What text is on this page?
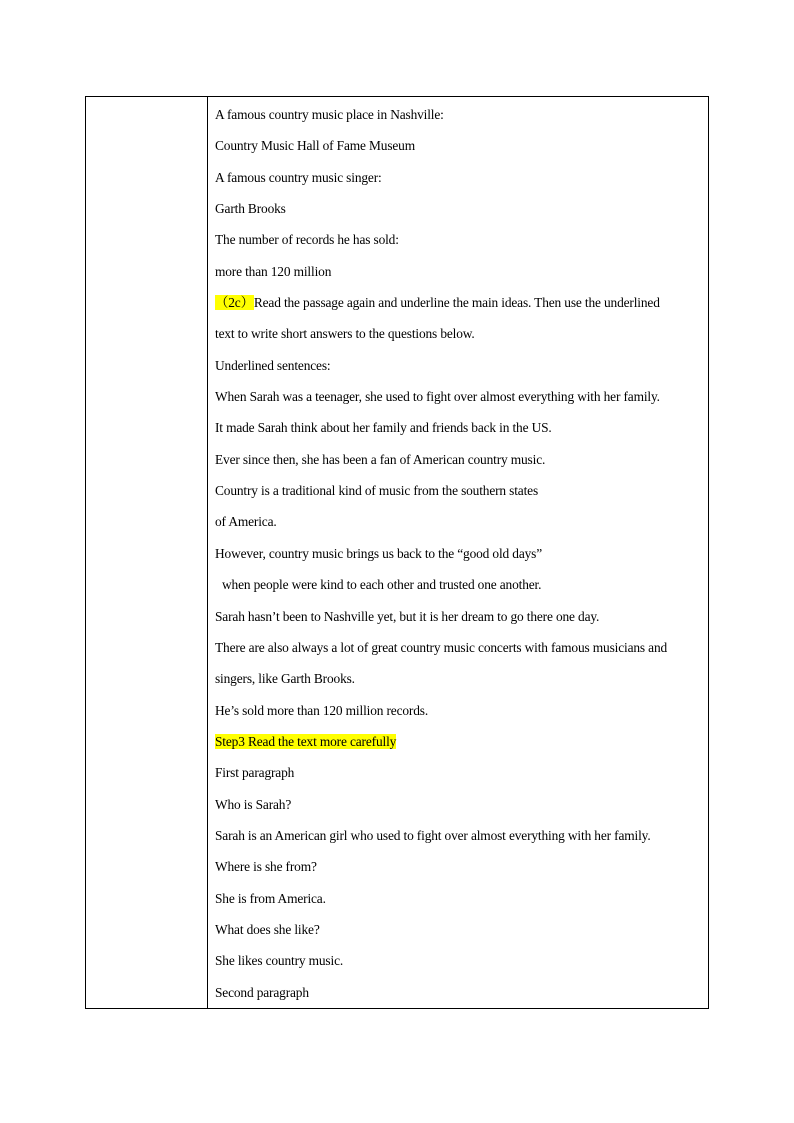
A famous country music place in Nashville:
Country Music Hall of Fame Museum
A famous country music singer:
Garth Brooks
The number of records he has sold:
more than 120 million
（2c）Read the passage again and underline the main ideas. Then use the underlined
text to write short answers to the questions below.
Underlined sentences:
When Sarah was a teenager, she used to fight over almost everything with her family.
It made Sarah think about her family and friends back in the US.
Ever since then, she has been a fan of American country music.
Country is a traditional kind of music from the southern states
of America.
However, country music brings us back to the “good old days”
when people were kind to each other and trusted one another.
Sarah hasn’t been to Nashville yet, but it is her dream to go there one day.
There are also always a lot of great country music concerts with famous musicians and
singers, like Garth Brooks.
He’s sold more than 120 million records.
Step3 Read the text more carefully
First paragraph
Who is Sarah?
Sarah is an American girl who used to fight over almost everything with her family.
Where is she from?
She is from America.
What does she like?
She likes country music.
Second paragraph
